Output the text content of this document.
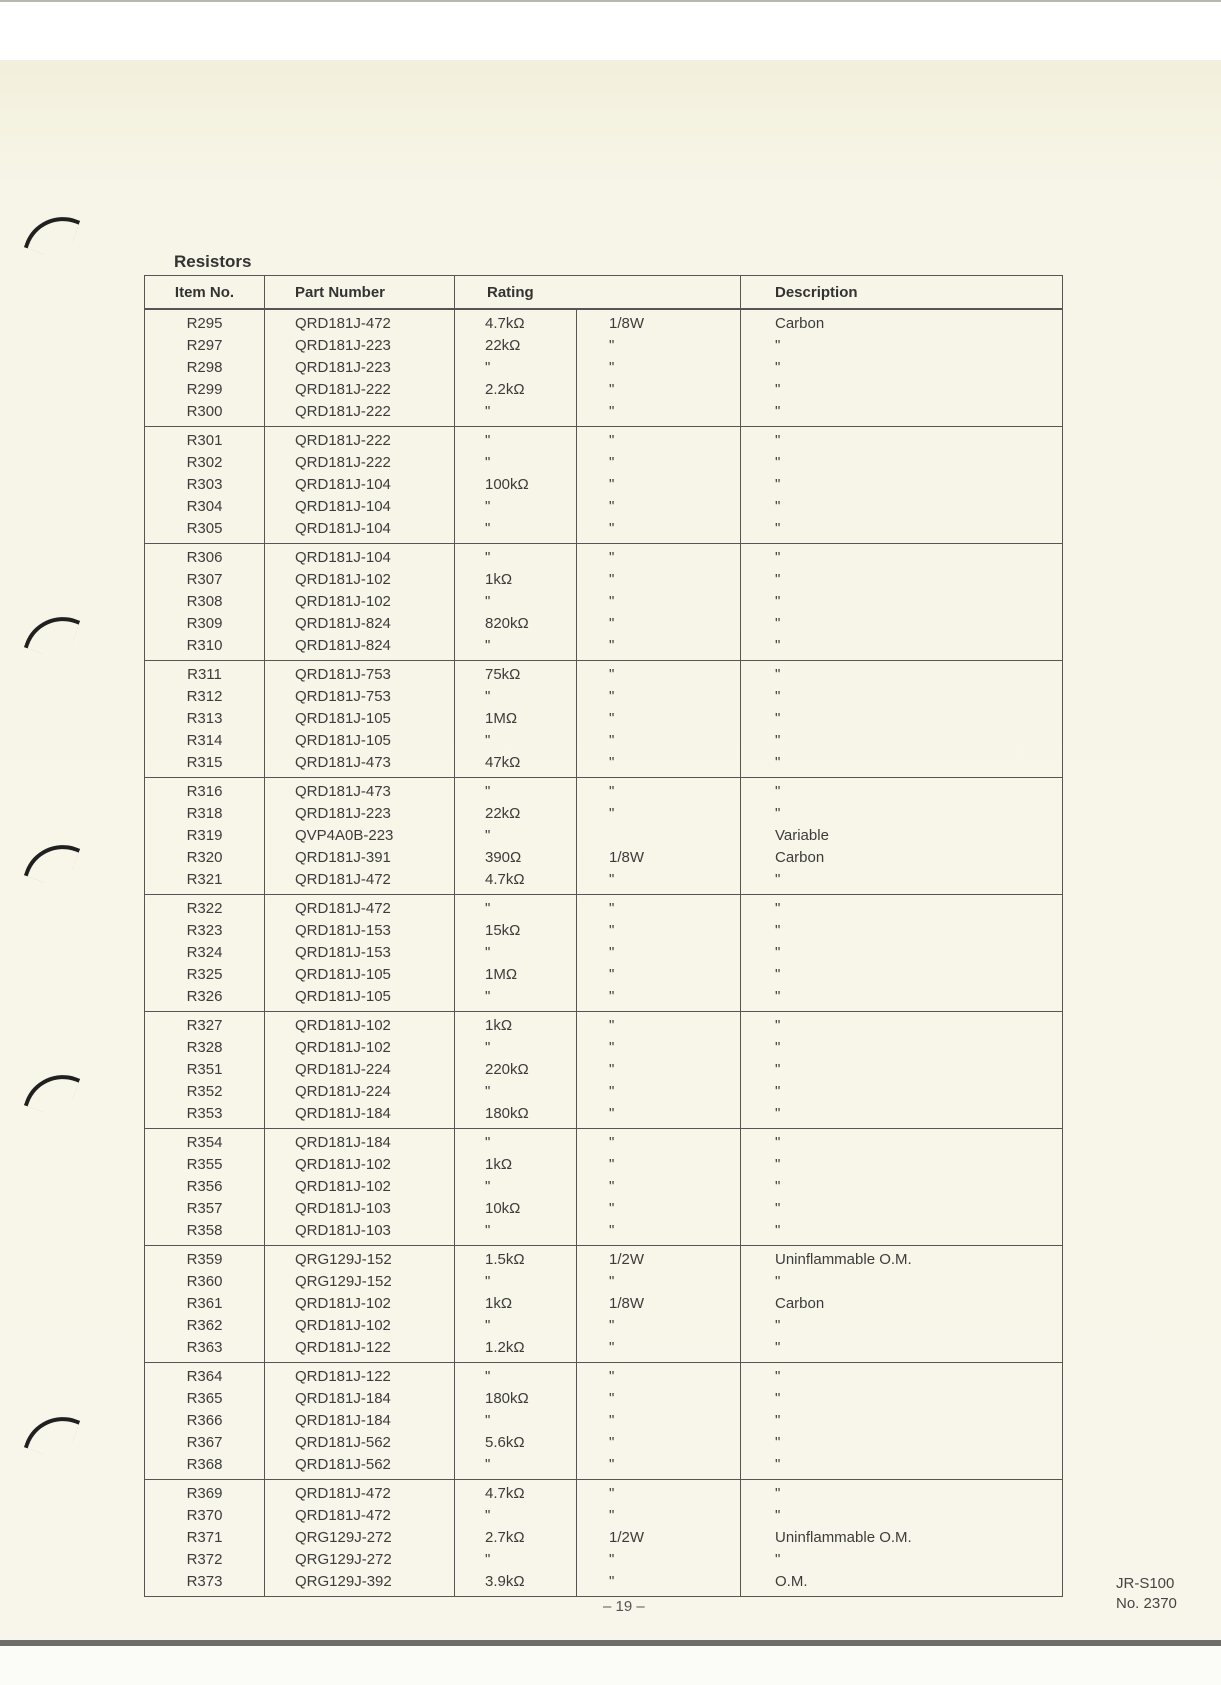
Resistors
Item No.	Part Number	Rating		Description
R295	QRD181J-472	4.7kΩ	1/8W	Carbon
R297	QRD181J-223	22kΩ	"	"
R298	QRD181J-223	"	"	"
R299	QRD181J-222	2.2kΩ	"	"
R300	QRD181J-222	"	"	"
R301	QRD181J-222	"	"	"
R302	QRD181J-222	"	"	"
R303	QRD181J-104	100kΩ	"	"
R304	QRD181J-104	"	"	"
R305	QRD181J-104	"	"	"
R306	QRD181J-104	"	"	"
R307	QRD181J-102	1kΩ	"	"
R308	QRD181J-102	"	"	"
R309	QRD181J-824	820kΩ	"	"
R310	QRD181J-824	"	"	"
R311	QRD181J-753	75kΩ	"	"
R312	QRD181J-753	"	"	"
R313	QRD181J-105	1MΩ	"	"
R314	QRD181J-105	"	"	"
R315	QRD181J-473	47kΩ	"	"
R316	QRD181J-473	"	"	"
R318	QRD181J-223	22kΩ	"	"
R319	QVP4A0B-223	"		Variable
R320	QRD181J-391	390Ω	1/8W	Carbon
R321	QRD181J-472	4.7kΩ	"	"
R322	QRD181J-472	"	"	"
R323	QRD181J-153	15kΩ	"	"
R324	QRD181J-153	"	"	"
R325	QRD181J-105	1MΩ	"	"
R326	QRD181J-105	"	"	"
R327	QRD181J-102	1kΩ	"	"
R328	QRD181J-102	"	"	"
R351	QRD181J-224	220kΩ	"	"
R352	QRD181J-224	"	"	"
R353	QRD181J-184	180kΩ	"	"
R354	QRD181J-184	"	"	"
R355	QRD181J-102	1kΩ	"	"
R356	QRD181J-102	"	"	"
R357	QRD181J-103	10kΩ	"	"
R358	QRD181J-103	"	"	"
R359	QRG129J-152	1.5kΩ	1/2W	Uninflammable O.M.
R360	QRG129J-152	"	"	"
R361	QRD181J-102	1kΩ	1/8W	Carbon
R362	QRD181J-102	"	"	"
R363	QRD181J-122	1.2kΩ	"	"
R364	QRD181J-122	"	"	"
R365	QRD181J-184	180kΩ	"	"
R366	QRD181J-184	"	"	"
R367	QRD181J-562	5.6kΩ	"	"
R368	QRD181J-562	"	"	"
R369	QRD181J-472	4.7kΩ	"	"
R370	QRD181J-472	"	"	"
R371	QRG129J-272	2.7kΩ	1/2W	Uninflammable O.M.
R372	QRG129J-272	"	"	"
R373	QRG129J-392	3.9kΩ	"	O.M.
– 19 –
JR-S100
No. 2370
